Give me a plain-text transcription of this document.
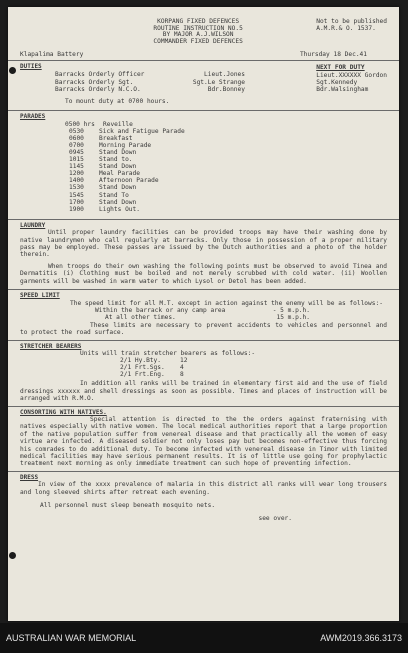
KORPANG FIXED DEFENCES
ROUTINE INSTRUCTION NO.5
BY MAJOR A.J.WILSON
COMMANDER FIXED DEFENCES
Not to be published
A.M.R.& O. 1537.
Klapalima Battery	Thursday 18 Dec.41
DUTIES
Barracks Orderly Officer	Lieut.Jones
Barracks Orderly Sgt.	Sgt.Le Strange
Barracks Orderly N.C.O.	Bdr.Bonney
NEXT FOR DUTY
Lieut.XXXXXX Gordon
Sgt.Kennedy
Bdr.Walsingham
To mount duty at 0700 hours.
PARADES
0500 hrs	Reveille
0530	Sick and Fatigue Parade
0600	Breakfast
0700	Morning Parade
0945	Stand Down
1015	Stand to.
1145	Stand Down
1200	Meal Parade
1400	Afternoon Parade
1530	Stand Down
1545	Stand To
1700	Stand Down
1900	Lights Out.
LAUNDRY
Until proper laundry facilities can be provided troops may have their washing done by native laundrymen who call regularly at barracks. Only those in possession of a proper military pass may be employed. These passes are issued by the Dutch authorities and a photo of the holder therein.
When troops do their own washing the following points must be observed to avoid Tinea and Dermatitis (i) Clothing must be boiled and not merely scrubbed with cold water. (ii) Woollen garments will be washed in warm water to which Lysol or Detol has been added.
SPEED LIMIT
The speed limit for all M.T. except in action against the enemy will be as follows:-
Within the barrack or any camp area	- 5 m.p.h.
At all other times.	15 m.p.h.
These limits are necessary to prevent accidents to vehicles and personnel and to protect the road surface.
STRETCHER BEARERS
Units will train stretcher bearers as follows:-
2/1 Hy.Bty.	12
2/1 Frt.Sgs.	4
2/1 Frt.Eng.	8
In addition all ranks will be trained in elementary first aid and the use of field dressings xxxxxx and shell dressings as soon as possible. Times and places of instruction will be arranged with R.M.O.
CONSORTING WITH NATIVES.
Special attention is directed to the the orders against fraternising with natives especially with native women. The local medical authorities report that a large proportion of the native population suffer from venereal disease and that practically all the women of easy virtue are infected. A diseased soldier not only loses pay but becomes non-effective thus forcing his comrades to do additional duty. To become infected with venereal disease in Timor with limited medical facilities may have serious permanent results. It is of little use going for prophylactic treatment next morning as only immediate treatment can such hope of preventing infection.
DRESS
In view of the xxxx prevalence of malaria in this district all ranks will wear long trousers and long sleeved shirts after retreat each evening.
All personnel must sleep beneath mosquito nets.
see over.
AUSTRALIAN WAR MEMORIAL	AWM2019.366.3173
